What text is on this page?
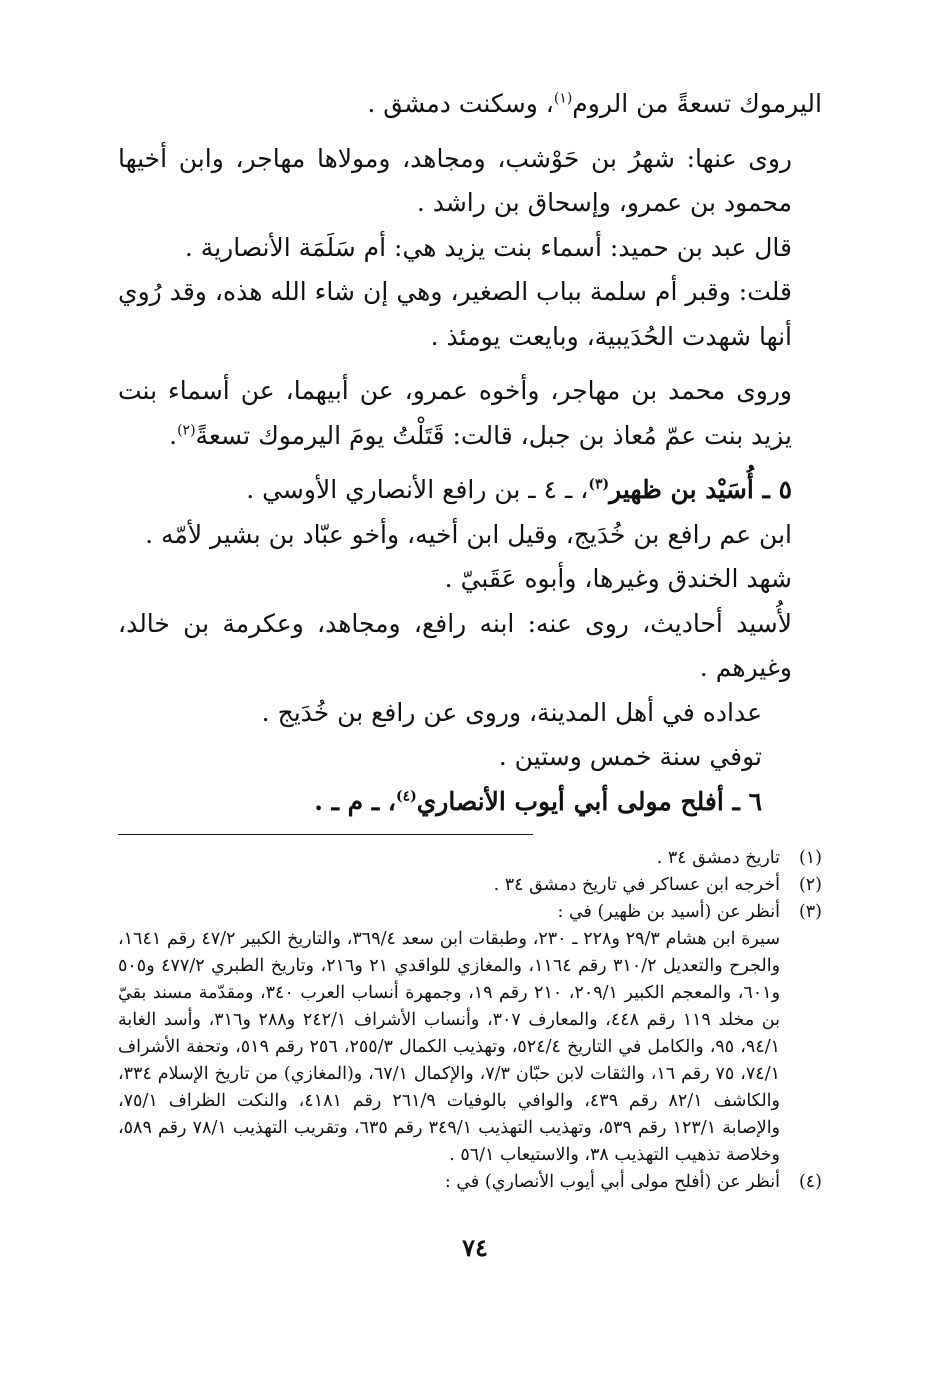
اليرموك تسعةً من الروم$^{(١)}$، وسكنت دمشق .

روى عنها: شهرُ بن حَوْشب، ومجاهد، ومولاها مهاجر، وابن أخيها محمود بن عمرو، وإسحاق بن راشد .

قال عبد بن حميد: أسماء بنت يزيد هي: أم سَلَمَة الأنصارية .

قلت: وقبر أم سلمة بباب الصغير، وهي إن شاء الله هذه، وقد رُوي أنها شهدت الحُدَيبية، وبايعت يومئذ .

وروى محمد بن مهاجر، وأخوه عمرو، عن أبيهما، عن أسماء بنت يزيد بنت عمّ مُعاذ بن جبل، قالت: قَتَلْتُ يومَ اليرموك تسعةً$^{(٢)}$.

٥ ـ أُسَيْد بن ظهير$^{(٣)}$، ـ ٤ ـ بن رافع الأنصاري الأوسي .

ابن عم رافع بن خُدَيج، وقيل ابن أخيه، وأخو عبّاد بن بشير لأمّه .

شهد الخندق وغيرها، وأبوه عَقَبيّ .

لأُسيد أحاديث، روى عنه: ابنه رافع، ومجاهد، وعكرمة بن خالد، وغيرهم .

عداده في أهل المدينة، وروى عن رافع بن خُدَيج .

توفي سنة خمس وستين .

٦ ـ أفلح مولى أبي أيوب الأنصاري$^{(٤)}$، ـ م ـ .

(١)
تاريخ دمشق ٣٤ .
(٢)
أخرجه ابن عساكر في تاريخ دمشق ٣٤ .
(٣)
أنظر عن (أسيد بن ظهير) في :
سيرة ابن هشام ٢٩/٣ و٢٢٨ ـ ٢٣٠، وطبقات ابن سعد ٣٦٩/٤، والتاريخ الكبير ٤٧/٢ رقم ١٦٤١، والجرح والتعديل ٣١٠/٢ رقم ١١٦٤، والمغازي للواقدي ٢١ و٢١٦، وتاريخ الطبري ٤٧٧/٢ و٥٠٥ و٦٠١، والمعجم الكبير ٢٠٩/١، ٢١٠ رقم ١٩، وجمهرة أنساب العرب ٣٤٠، ومقدّمة مسند بقيّ بن مخلد ١١٩ رقم ٤٤٨، والمعارف ٣٠٧، وأنساب الأشراف ٢٤٢/١ و٢٨٨ و٣١٦، وأسد الغابة ٩٤/١، ٩٥، والكامل في التاريخ ٥٢٤/٤، وتهذيب الكمال ٢٥٥/٣، ٢٥٦ رقم ٥١٩، وتحفة الأشراف ٧٤/١، ٧٥ رقم ١٦، والثقات لابن حبّان ٧/٣، والإكمال ٦٧/١، و(المغازي) من تاريخ الإسلام ٣٣٤، والكاشف ٨٢/١ رقم ٤٣٩، والوافي بالوفيات ٢٦١/٩ رقم ٤١٨١، والنكت الظراف ٧٥/١، والإصابة ١٢٣/١ رقم ٥٣٩، وتهذيب التهذيب ٣٤٩/١ رقم ٦٣٥، وتقريب التهذيب ٧٨/١ رقم ٥٨٩، وخلاصة تذهيب التهذيب ٣٨، والاستيعاب ٥٦/١ .
(٤)
أنظر عن (أفلح مولى أبي أيوب الأنصاري) في :
٧٤
